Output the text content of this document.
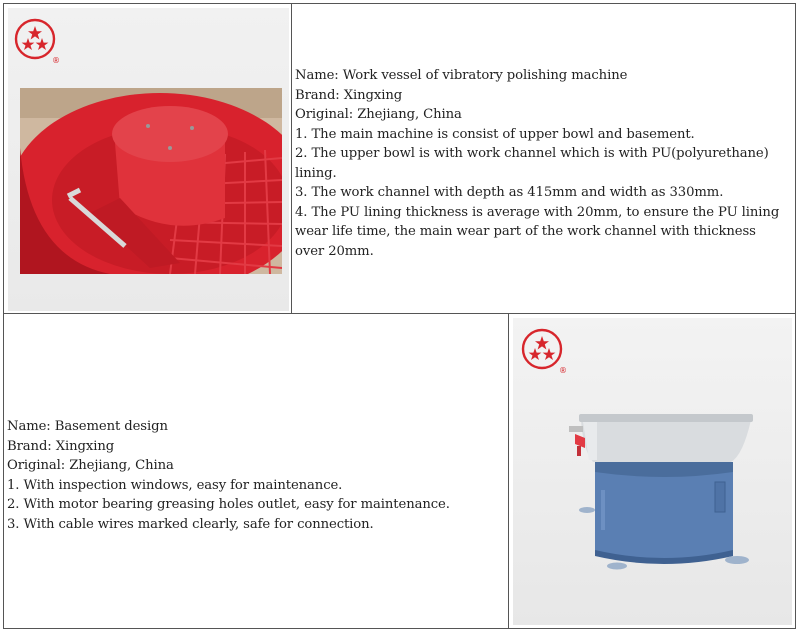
®

Name: Work vessel of vibratory polishing machine

Brand: Xingxing

Original: Zhejiang, China

1. The main machine is consist of upper bowl and basement.

2. The upper bowl is with work channel which is with PU(polyurethane) lining.

3. The work channel with depth as 415mm and width as 330mm.

4. The PU lining thickness is average with 20mm, to ensure the PU lining wear life time, the main wear part of the work channel with thickness over 20mm.

Name: Basement design

Brand: Xingxing

Original: Zhejiang, China

1. With inspection windows, easy for maintenance.

2. With motor bearing greasing holes outlet, easy for maintenance.

3. With cable wires marked clearly, safe for connection.

®
